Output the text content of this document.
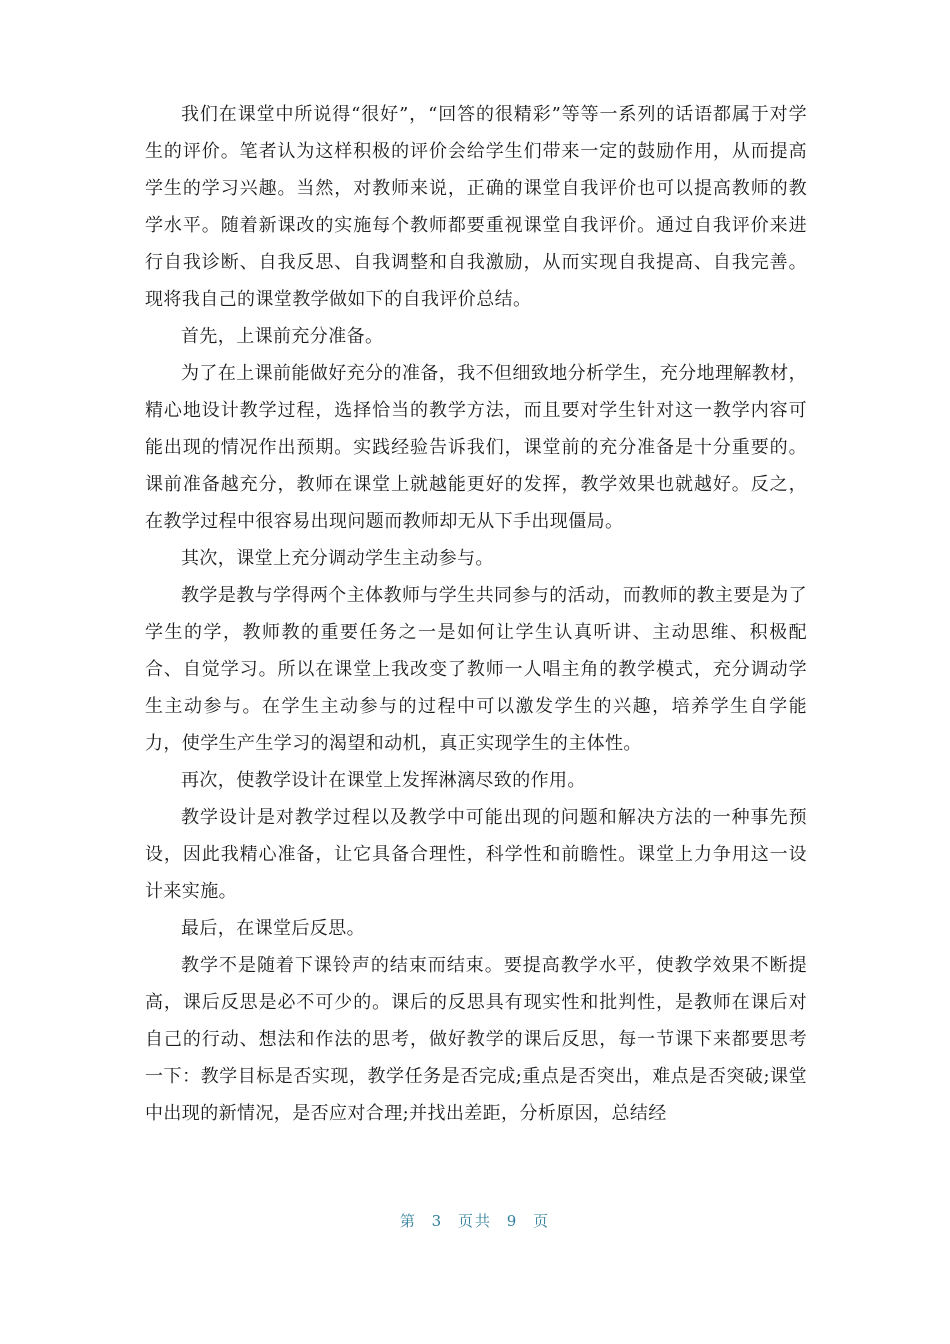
我们在课堂中所说得“很好”，“回答的很精彩”等等一系列的话语都属于对学生的评价。笔者认为这样积极的评价会给学生们带来一定的鼓励作用，从而提高学生的学习兴趣。当然，对教师来说，正确的课堂自我评价也可以提高教师的教学水平。随着新课改的实施每个教师都要重视课堂自我评价。通过自我评价来进行自我诊断、自我反思、自我调整和自我激励，从而实现自我提高、自我完善。现将我自己的课堂教学做如下的自我评价总结。

首先，上课前充分准备。

为了在上课前能做好充分的准备，我不但细致地分析学生，充分地理解教材，精心地设计教学过程，选择恰当的教学方法，而且要对学生针对这一教学内容可能出现的情况作出预期。实践经验告诉我们，课堂前的充分准备是十分重要的。课前准备越充分，教师在课堂上就越能更好的发挥，教学效果也就越好。反之，在教学过程中很容易出现问题而教师却无从下手出现僵局。

其次，课堂上充分调动学生主动参与。

教学是教与学得两个主体教师与学生共同参与的活动，而教师的教主要是为了学生的学，教师教的重要任务之一是如何让学生认真听讲、主动思维、积极配合、自觉学习。所以在课堂上我改变了教师一人唱主角的教学模式，充分调动学生主动参与。在学生主动参与的过程中可以激发学生的兴趣，培养学生自学能力，使学生产生学习的渴望和动机，真正实现学生的主体性。

再次，使教学设计在课堂上发挥淋漓尽致的作用。

教学设计是对教学过程以及教学中可能出现的问题和解决方法的一种事先预设，因此我精心准备，让它具备合理性，科学性和前瞻性。课堂上力争用这一设计来实施。

最后，在课堂后反思。

教学不是随着下课铃声的结束而结束。要提高教学水平，使教学效果不断提高，课后反思是必不可少的。课后的反思具有现实性和批判性，是教师在课后对自己的行动、想法和作法的思考，做好教学的课后反思，每一节课下来都要思考一下：教学目标是否实现，教学任务是否完成;重点是否突出，难点是否突破;课堂中出现的新情况，是否应对合理;并找出差距，分析原因，总结经

第 3 页共 9 页
